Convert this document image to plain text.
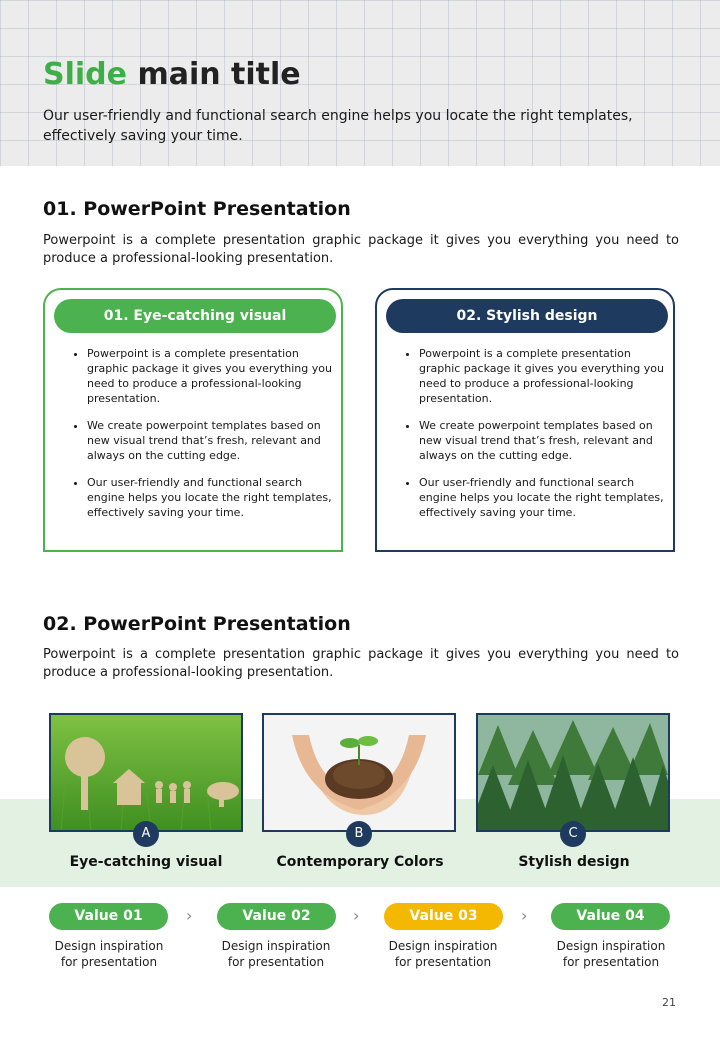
Slide main title

Our user-friendly and functional search engine helps you locate the right templates, effectively saving your time.

01. PowerPoint Presentation

Powerpoint is a complete presentation graphic package it gives you everything you need to produce a professional-looking presentation.

01. Eye-catching visual
• Powerpoint is a complete presentation graphic package it gives you everything you need to produce a professional-looking presentation.
• We create powerpoint templates based on new visual trend that’s fresh, relevant and always on the cutting edge.
• Our user-friendly and functional search engine helps you locate the right templates, effectively saving your time.
02. Stylish design
• Powerpoint is a complete presentation graphic package it gives you everything you need to produce a professional-looking presentation.
• We create powerpoint templates based on new visual trend that’s fresh, relevant and always on the cutting edge.
• Our user-friendly and functional search engine helps you locate the right templates, effectively saving your time.
02. PowerPoint Presentation

Powerpoint is a complete presentation graphic package it gives you everything you need to produce a professional-looking presentation.

A	B	C
Eye-catching visual	Contemporary Colors	Stylish design
Value 01	Value 02	Value 03	Value 04
›	›	›
Design inspiration
for presentation
Design inspiration
for presentation
Design inspiration
for presentation
Design inspiration
for presentation
21
